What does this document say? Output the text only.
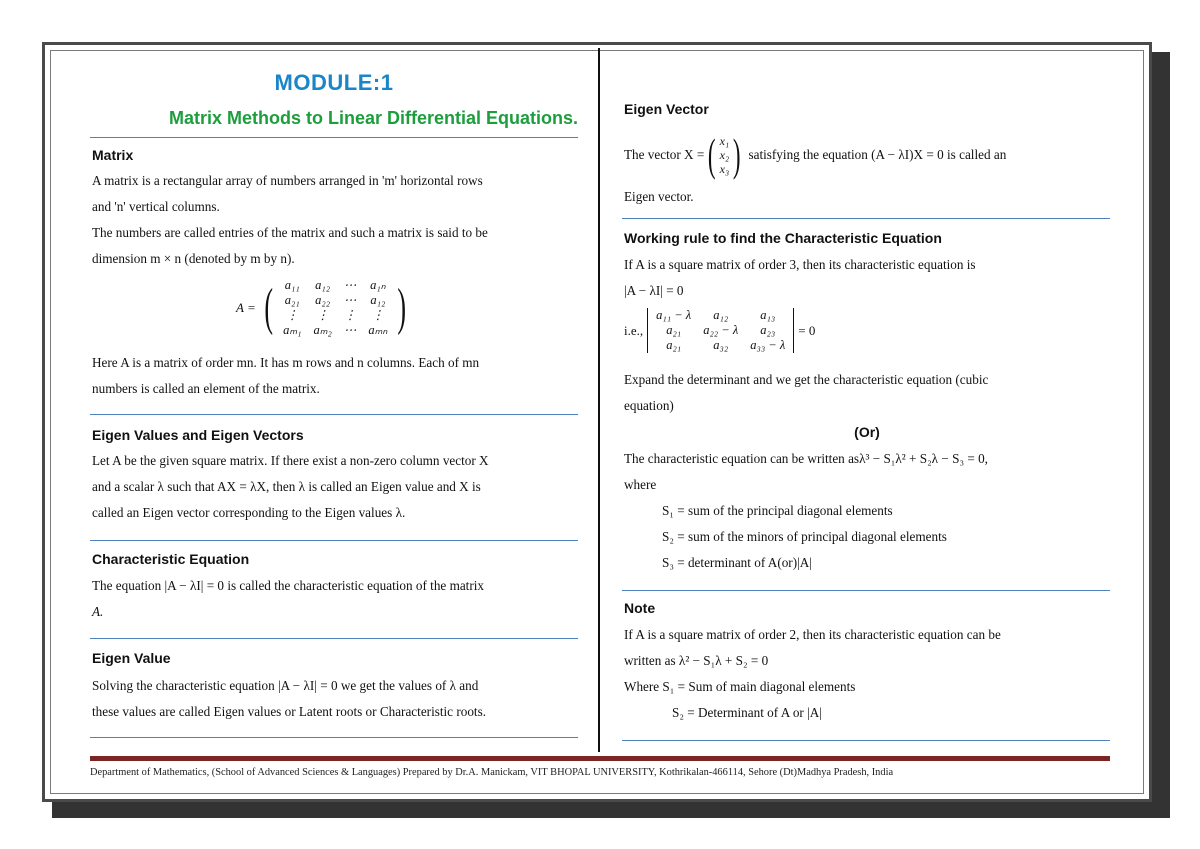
MODULE:1
Matrix Methods to Linear Differential Equations.
Matrix
A matrix is a rectangular array of numbers arranged in 'm' horizontal rows
and 'n' vertical columns.
The numbers are called entries of the matrix and such a matrix is said to be
dimension m × n (denoted by m by n).
A = ( a₁₁	a₁₂	⋯	a₁ₙ
a₂₁	a₂₂	⋯	a₁₂
⋮	⋮	⋮	⋮
aₘ₁	aₘ₂	⋯	aₘₙ )
Here A is a matrix of order mn. It has m rows and n columns. Each of mn
numbers is called an element of the matrix.
Eigen Values and Eigen Vectors
Let A be the given square matrix. If there exist a non-zero column vector X
and a scalar λ such that AX = λX, then λ is called an Eigen value and X is
called an Eigen vector corresponding to the Eigen values λ.
Characteristic Equation
The equation |A − λI| = 0 is called the characteristic equation of the matrix
A.
Eigen Value
Solving the characteristic equation |A − λI| = 0 we get the values of λ and
these values are called Eigen values or Latent roots or Characteristic roots.
Eigen Vector
The vector X = ( x₁
x₂
x₃ ) satisfying the equation (A − λI)X = 0 is called an
Eigen vector.
Working rule to find the Characteristic Equation
If A is a square matrix of order 3, then its characteristic equation is
|A − λI| = 0
i.e.,
a₁₁ − λ	a₁₂	a₁₃
a₂₁	a₂₂ − λ	a₂₃
a₂₁	a₃₂	a₃₃ − λ
= 0
Expand the determinant and we get the characteristic equation (cubic
equation)
(Or)
The characteristic equation can be written asλ³ − S₁λ² + S₂λ − S₃ = 0,
where
S₁ = sum of the principal diagonal elements
S₂ = sum of the minors of principal diagonal elements
S₃ = determinant of A(or)|A|
Note
If A is a square matrix of order 2, then its characteristic equation can be
written as λ² − S₁λ + S₂ = 0
Where S₁ = Sum of main diagonal elements
S₂ = Determinant of A or |A|
Department of Mathematics, (School of Advanced Sciences & Languages) Prepared by Dr.A. Manickam, VIT BHOPAL UNIVERSITY, Kothrikalan-466114, Sehore (Dt)Madhya Pradesh, India
